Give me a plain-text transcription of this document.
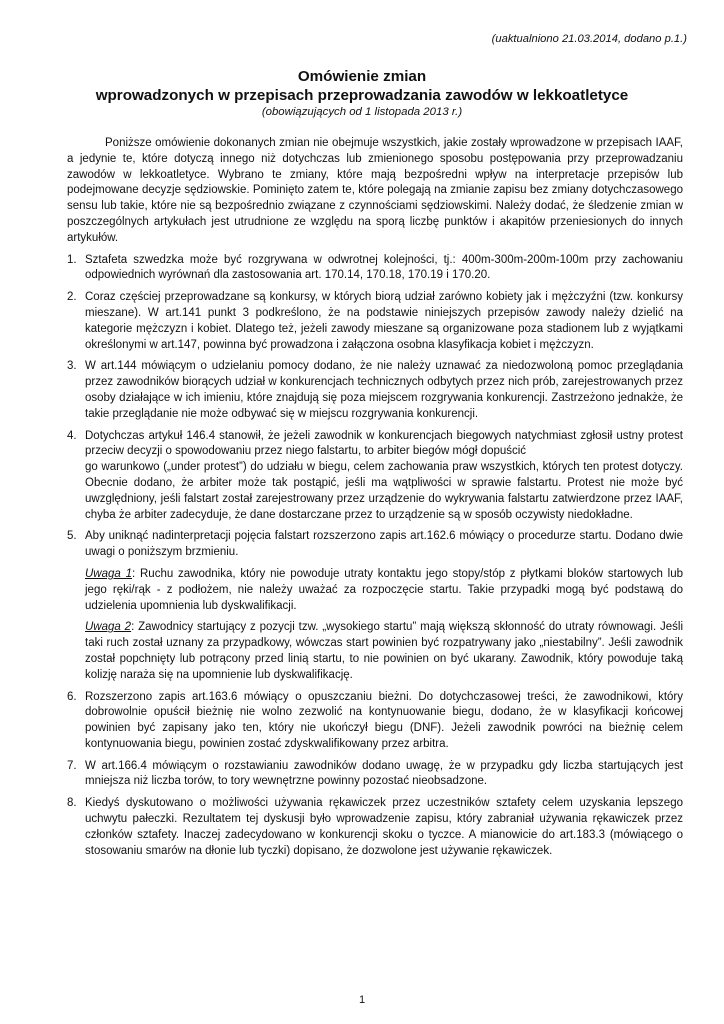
(uaktualniono 21.03.2014, dodano p.1.)
Omówienie zmian
wprowadzonych w przepisach przeprowadzania zawodów w lekkoatletyce
(obowiązujących od 1 listopada 2013 r.)

Poniższe omówienie dokonanych zmian nie obejmuje wszystkich, jakie zostały wprowadzone w przepisach IAAF, a jedynie te, które dotyczą innego niż dotychczas lub zmienionego sposobu postępowania przy przeprowadzaniu zawodów w lekkoatletyce. Wybrano te zmiany, które mają bezpośredni wpływ na interpretacje przepisów lub podejmowane decyzje sędziowskie. Pominięto zatem te, które polegają na zmianie zapisu bez zmiany dotychczasowego sensu lub takie, które nie są bezpośrednio związane z czynnościami sędziowskimi. Należy dodać, że śledzenie zmian w poszczególnych artykułach jest utrudnione ze względu na sporą liczbę punktów i akapitów przeniesionych do innych artykułów.

1. Sztafeta szwedzka może być rozgrywana w odwrotnej kolejności, tj.: 400m-300m-200m-100m przy zachowaniu odpowiednich wyrównań dla zastosowania art. 170.14, 170.18, 170.19 i 170.20.
2. Coraz częściej przeprowadzane są konkursy, w których biorą udział zarówno kobiety jak i mężczyźni (tzw. konkursy mieszane). W art.141 punkt 3 podkreślono, że na podstawie niniejszych przepisów zawody należy dzielić na kategorie mężczyzn i kobiet. Dlatego też, jeżeli zawody mieszane są organizowane poza stadionem lub z wyjątkami określonymi w art.147, powinna być prowadzona i załączona osobna klasyfikacja kobiet i mężczyzn.
3. W art.144 mówiącym o udzielaniu pomocy dodano, że nie należy uznawać za niedozwoloną pomoc przeglądania przez zawodników biorących udział w konkurencjach technicznych odbytych przez nich prób, zarejestrowanych przez osoby działające w ich imieniu, które znajdują się poza miejscem rozgrywania konkurencji. Zastrzeżono jednakże, że takie przeglądanie nie może odbywać się w miejscu rozgrywania konkurencji.
4. Dotychczas artykuł 146.4 stanowił, że jeżeli zawodnik w konkurencjach biegowych natychmiast zgłosił ustny protest przeciw decyzji o spowodowaniu przez niego falstartu, to arbiter biegów mógł dopuścić
go warunkowo („under protest”) do udziału w biegu, celem zachowania praw wszystkich, których ten protest dotyczy. Obecnie dodano, że arbiter może tak postąpić, jeśli ma wątpliwości w sprawie falstartu. Protest nie może być uwzględniony, jeśli falstart został zarejestrowany przez urządzenie do wykrywania falstartu zatwierdzone przez IAAF, chyba że arbiter zadecyduje, że dane dostarczane przez to urządzenie są w sposób oczywisty niedokładne.
5. Aby uniknąć nadinterpretacji pojęcia falstart rozszerzono zapis art.162.6 mówiący o procedurze startu. Dodano dwie uwagi o poniższym brzmieniu.
Uwaga 1: Ruchu zawodnika, który nie powoduje utraty kontaktu jego stopy/stóp z płytkami bloków startowych lub jego ręki/rąk - z podłożem, nie należy uważać za rozpoczęcie startu. Takie przypadki mogą być podstawą do udzielenia upomnienia lub dyskwalifikacji.
Uwaga 2: Zawodnicy startujący z pozycji tzw. „wysokiego startu” mają większą skłonność do utraty równowagi. Jeśli taki ruch został uznany za przypadkowy, wówczas start powinien być rozpatrywany jako „niestabilny”. Jeśli zawodnik został popchnięty lub potrącony przed linią startu, to nie powinien on być ukarany. Zawodnik, który powoduje taką kolizję naraża się na upomnienie lub dyskwalifikację.
6. Rozszerzono zapis art.163.6 mówiący o opuszczaniu bieżni. Do dotychczasowej treści, że zawodnikowi, który dobrowolnie opuścił bieżnię nie wolno zezwolić na kontynuowanie biegu, dodano, że w klasyfikacji końcowej powinien być zapisany jako ten, który nie ukończył biegu (DNF). Jeżeli zawodnik powróci na bieżnię celem kontynuowania biegu, powinien zostać zdyskwalifikowany przez arbitra.
7. W art.166.4 mówiącym o rozstawianiu zawodników dodano uwagę, że w przypadku gdy liczba startujących jest mniejsza niż liczba torów, to tory wewnętrzne powinny pozostać nieobsadzone.
8. Kiedyś dyskutowano o możliwości używania rękawiczek przez uczestników sztafety celem uzyskania lepszego uchwytu pałeczki. Rezultatem tej dyskusji było wprowadzenie zapisu, który zabraniał używania rękawiczek przez członków sztafety. Inaczej zadecydowano w konkurencji skoku o tyczce. A mianowicie do art.183.3 (mówiącego o stosowaniu smarów na dłonie lub tyczki) dopisano, że dozwolone jest używanie rękawiczek.
1
